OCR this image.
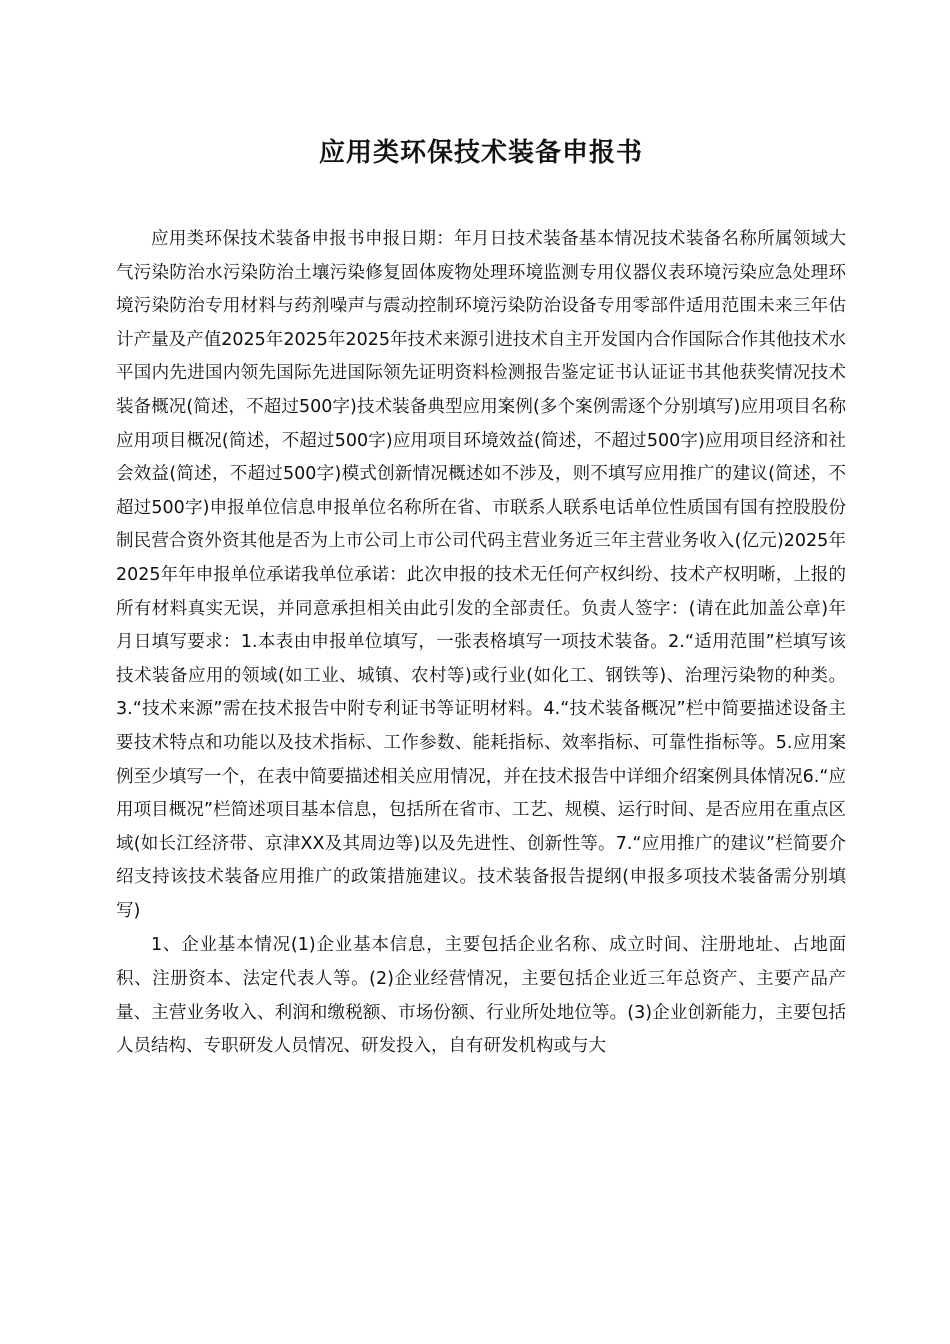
应用类环保技术装备申报书

应用类环保技术装备申报书申报日期：年月日技术装备基本情况技术装备名称所属领域大气污染防治水污染防治土壤污染修复固体废物处理环境监测专用仪器仪表环境污染应急处理环境污染防治专用材料与药剂噪声与震动控制环境污染防治设备专用零部件适用范围未来三年估计产量及产值2025年2025年2025年技术来源引进技术自主开发国内合作国际合作其他技术水平国内先进国内领先国际先进国际领先证明资料检测报告鉴定证书认证证书其他获奖情况技术装备概况(简述，不超过500字)技术装备典型应用案例(多个案例需逐个分别填写)应用项目名称应用项目概况(简述，不超过500字)应用项目环境效益(简述，不超过500字)应用项目经济和社会效益(简述，不超过500字)模式创新情况概述如不涉及，则不填写应用推广的建议(简述，不超过500字)申报单位信息申报单位名称所在省、市联系人联系电话单位性质国有国有控股股份制民营合资外资其他是否为上市公司上市公司代码主营业务近三年主营业务收入(亿元)2025年2025年年申报单位承诺我单位承诺：此次申报的技术无任何产权纠纷、技术产权明晰，上报的所有材料真实无误，并同意承担相关由此引发的全部责任。负责人签字：(请在此加盖公章)年月日填写要求：1.本表由申报单位填写，一张表格填写一项技术装备。2.“适用范围”栏填写该技术装备应用的领域(如工业、城镇、农村等)或行业(如化工、钢铁等)、治理污染物的种类。3.“技术来源”需在技术报告中附专利证书等证明材料。4.“技术装备概况”栏中简要描述设备主要技术特点和功能以及技术指标、工作参数、能耗指标、效率指标、可靠性指标等。5.应用案例至少填写一个，在表中简要描述相关应用情况，并在技术报告中详细介绍案例具体情况6.“应用项目概况”栏简述项目基本信息，包括所在省市、工艺、规模、运行时间、是否应用在重点区域(如长江经济带、京津XX及其周边等)以及先进性、创新性等。7.“应用推广的建议”栏简要介绍支持该技术装备应用推广的政策措施建议。技术装备报告提纲(申报多项技术装备需分别填写)

1、企业基本情况(1)企业基本信息，主要包括企业名称、成立时间、注册地址、占地面积、注册资本、法定代表人等。(2)企业经营情况，主要包括企业近三年总资产、主要产品产量、主营业务收入、利润和缴税额、市场份额、行业所处地位等。(3)企业创新能力，主要包括人员结构、专职研发人员情况、研发投入，自有研发机构或与大
